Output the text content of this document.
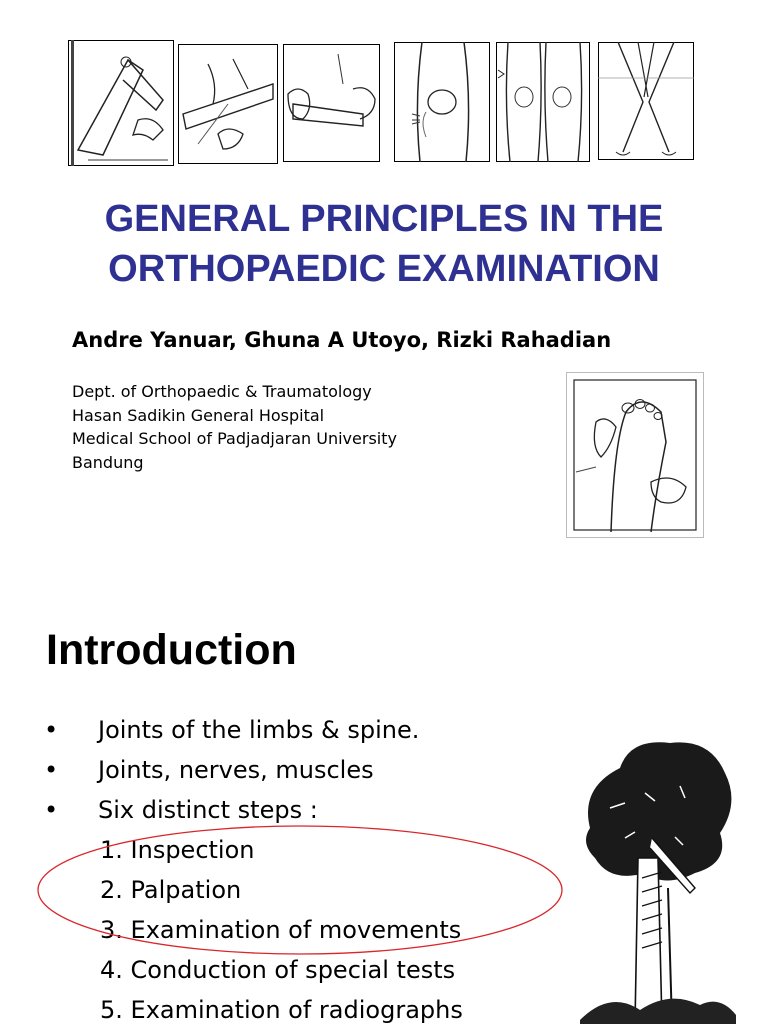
GENERAL PRINCIPLES IN THE
ORTHOPAEDIC EXAMINATION
Andre Yanuar, Ghuna A Utoyo, Rizki Rahadian
Dept. of Orthopaedic & Traumatology
Hasan Sadikin General Hospital
Medical School of Padjadjaran University
Bandung
Introduction
• Joints of the limbs & spine.
• Joints, nerves, muscles
• Six distinct steps :
1. Inspection
2. Palpation
3. Examination of movements
4. Conduction of special tests
5. Examination of radiographs
